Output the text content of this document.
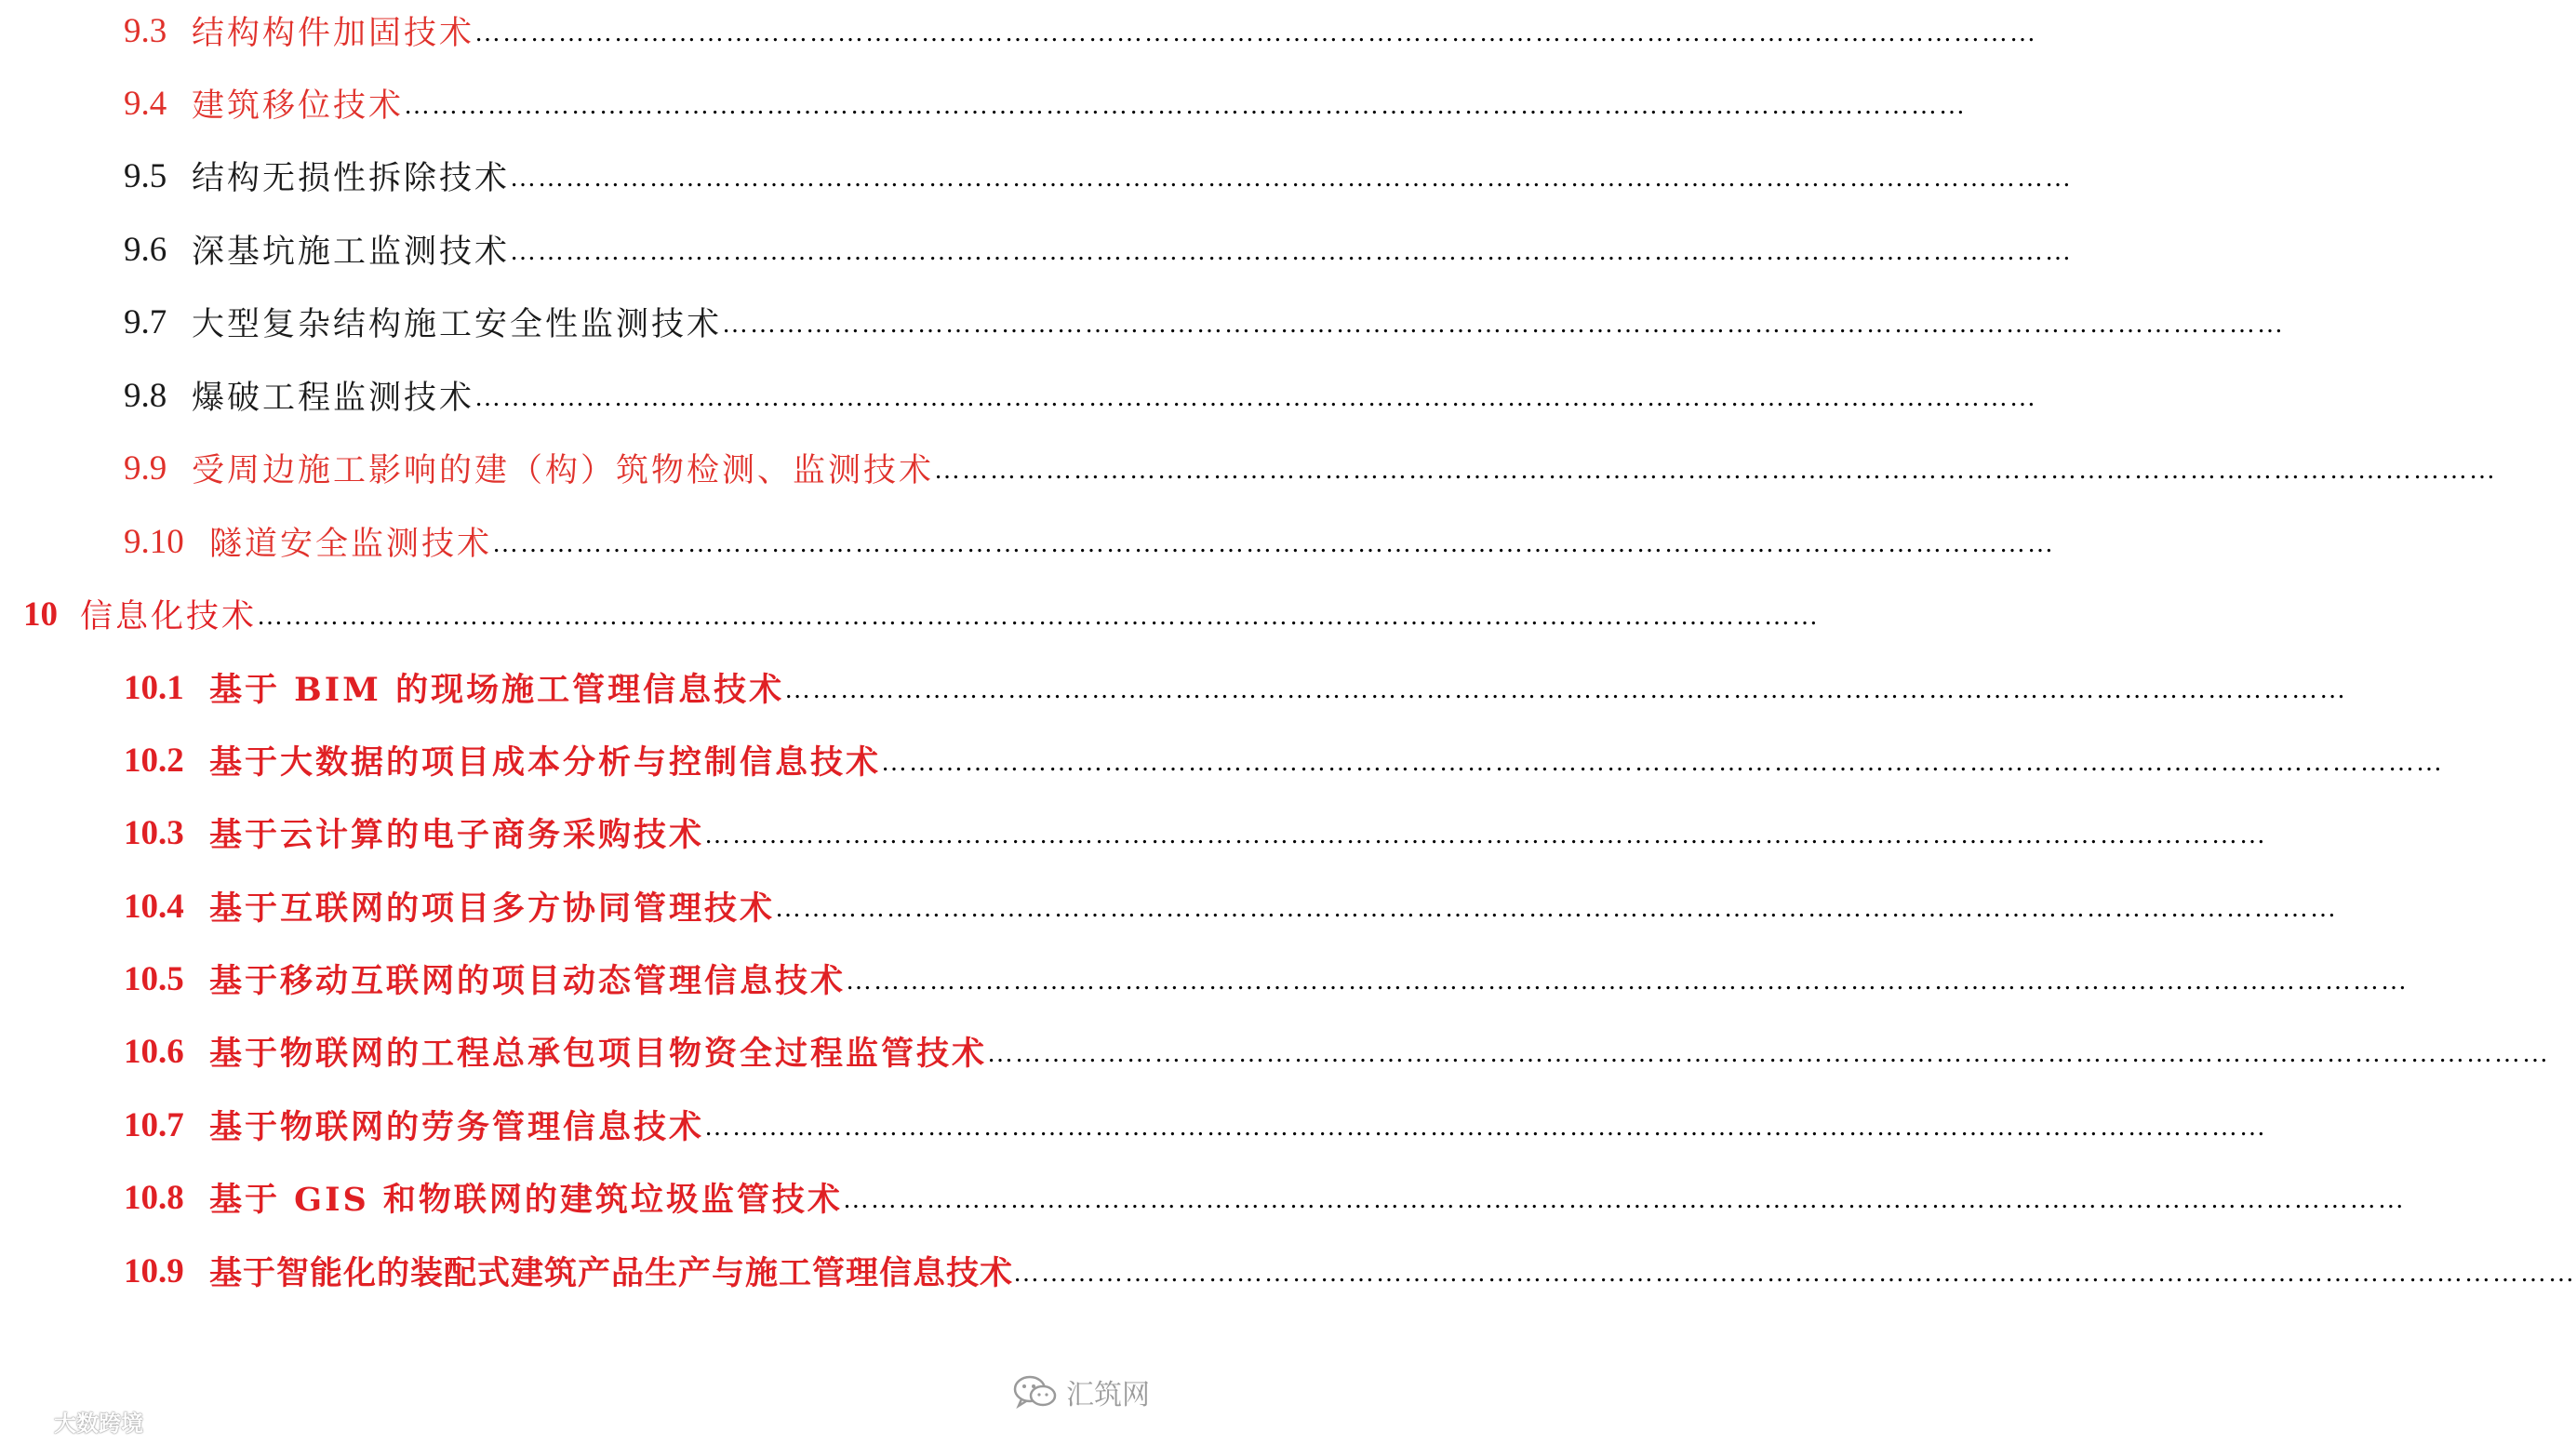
9.3 结构构件加固技术 ……………………………………………………………………………………………………………………………………………………
9.4 建筑移位技术 ……………………………………………………………………………………………………………………………………………………
9.5 结构无损性拆除技术 ……………………………………………………………………………………………………………………………………………………
9.6 深基坑施工监测技术 ……………………………………………………………………………………………………………………………………………………
9.7 大型复杂结构施工安全性监测技术 ……………………………………………………………………………………………………………………………………………………
9.8 爆破工程监测技术 ……………………………………………………………………………………………………………………………………………………
9.9 受周边施工影响的建（构）筑物检测、监测技术 ……………………………………………………………………………………………………………………………………………………
9.10 隧道安全监测技术 ……………………………………………………………………………………………………………………………………………………
10 信息化技术 ……………………………………………………………………………………………………………………………………………………
10.1 基于 BIM 的现场施工管理信息技术 ……………………………………………………………………………………………………………………………………………………
10.2 基于大数据的项目成本分析与控制信息技术 ……………………………………………………………………………………………………………………………………………………
10.3 基于云计算的电子商务采购技术 ……………………………………………………………………………………………………………………………………………………
10.4 基于互联网的项目多方协同管理技术 ……………………………………………………………………………………………………………………………………………………
10.5 基于移动互联网的项目动态管理信息技术 ……………………………………………………………………………………………………………………………………………………
10.6 基于物联网的工程总承包项目物资全过程监管技术 ……………………………………………………………………………………………………………………………………………………
10.7 基于物联网的劳务管理信息技术 ……………………………………………………………………………………………………………………………………………………
10.8 基于 GIS 和物联网的建筑垃圾监管技术 ……………………………………………………………………………………………………………………………………………………
10.9 基于智能化的装配式建筑产品生产与施工管理信息技术 ……………………………………………………………………………………………………………………………………………………
汇筑网
大数跨境
